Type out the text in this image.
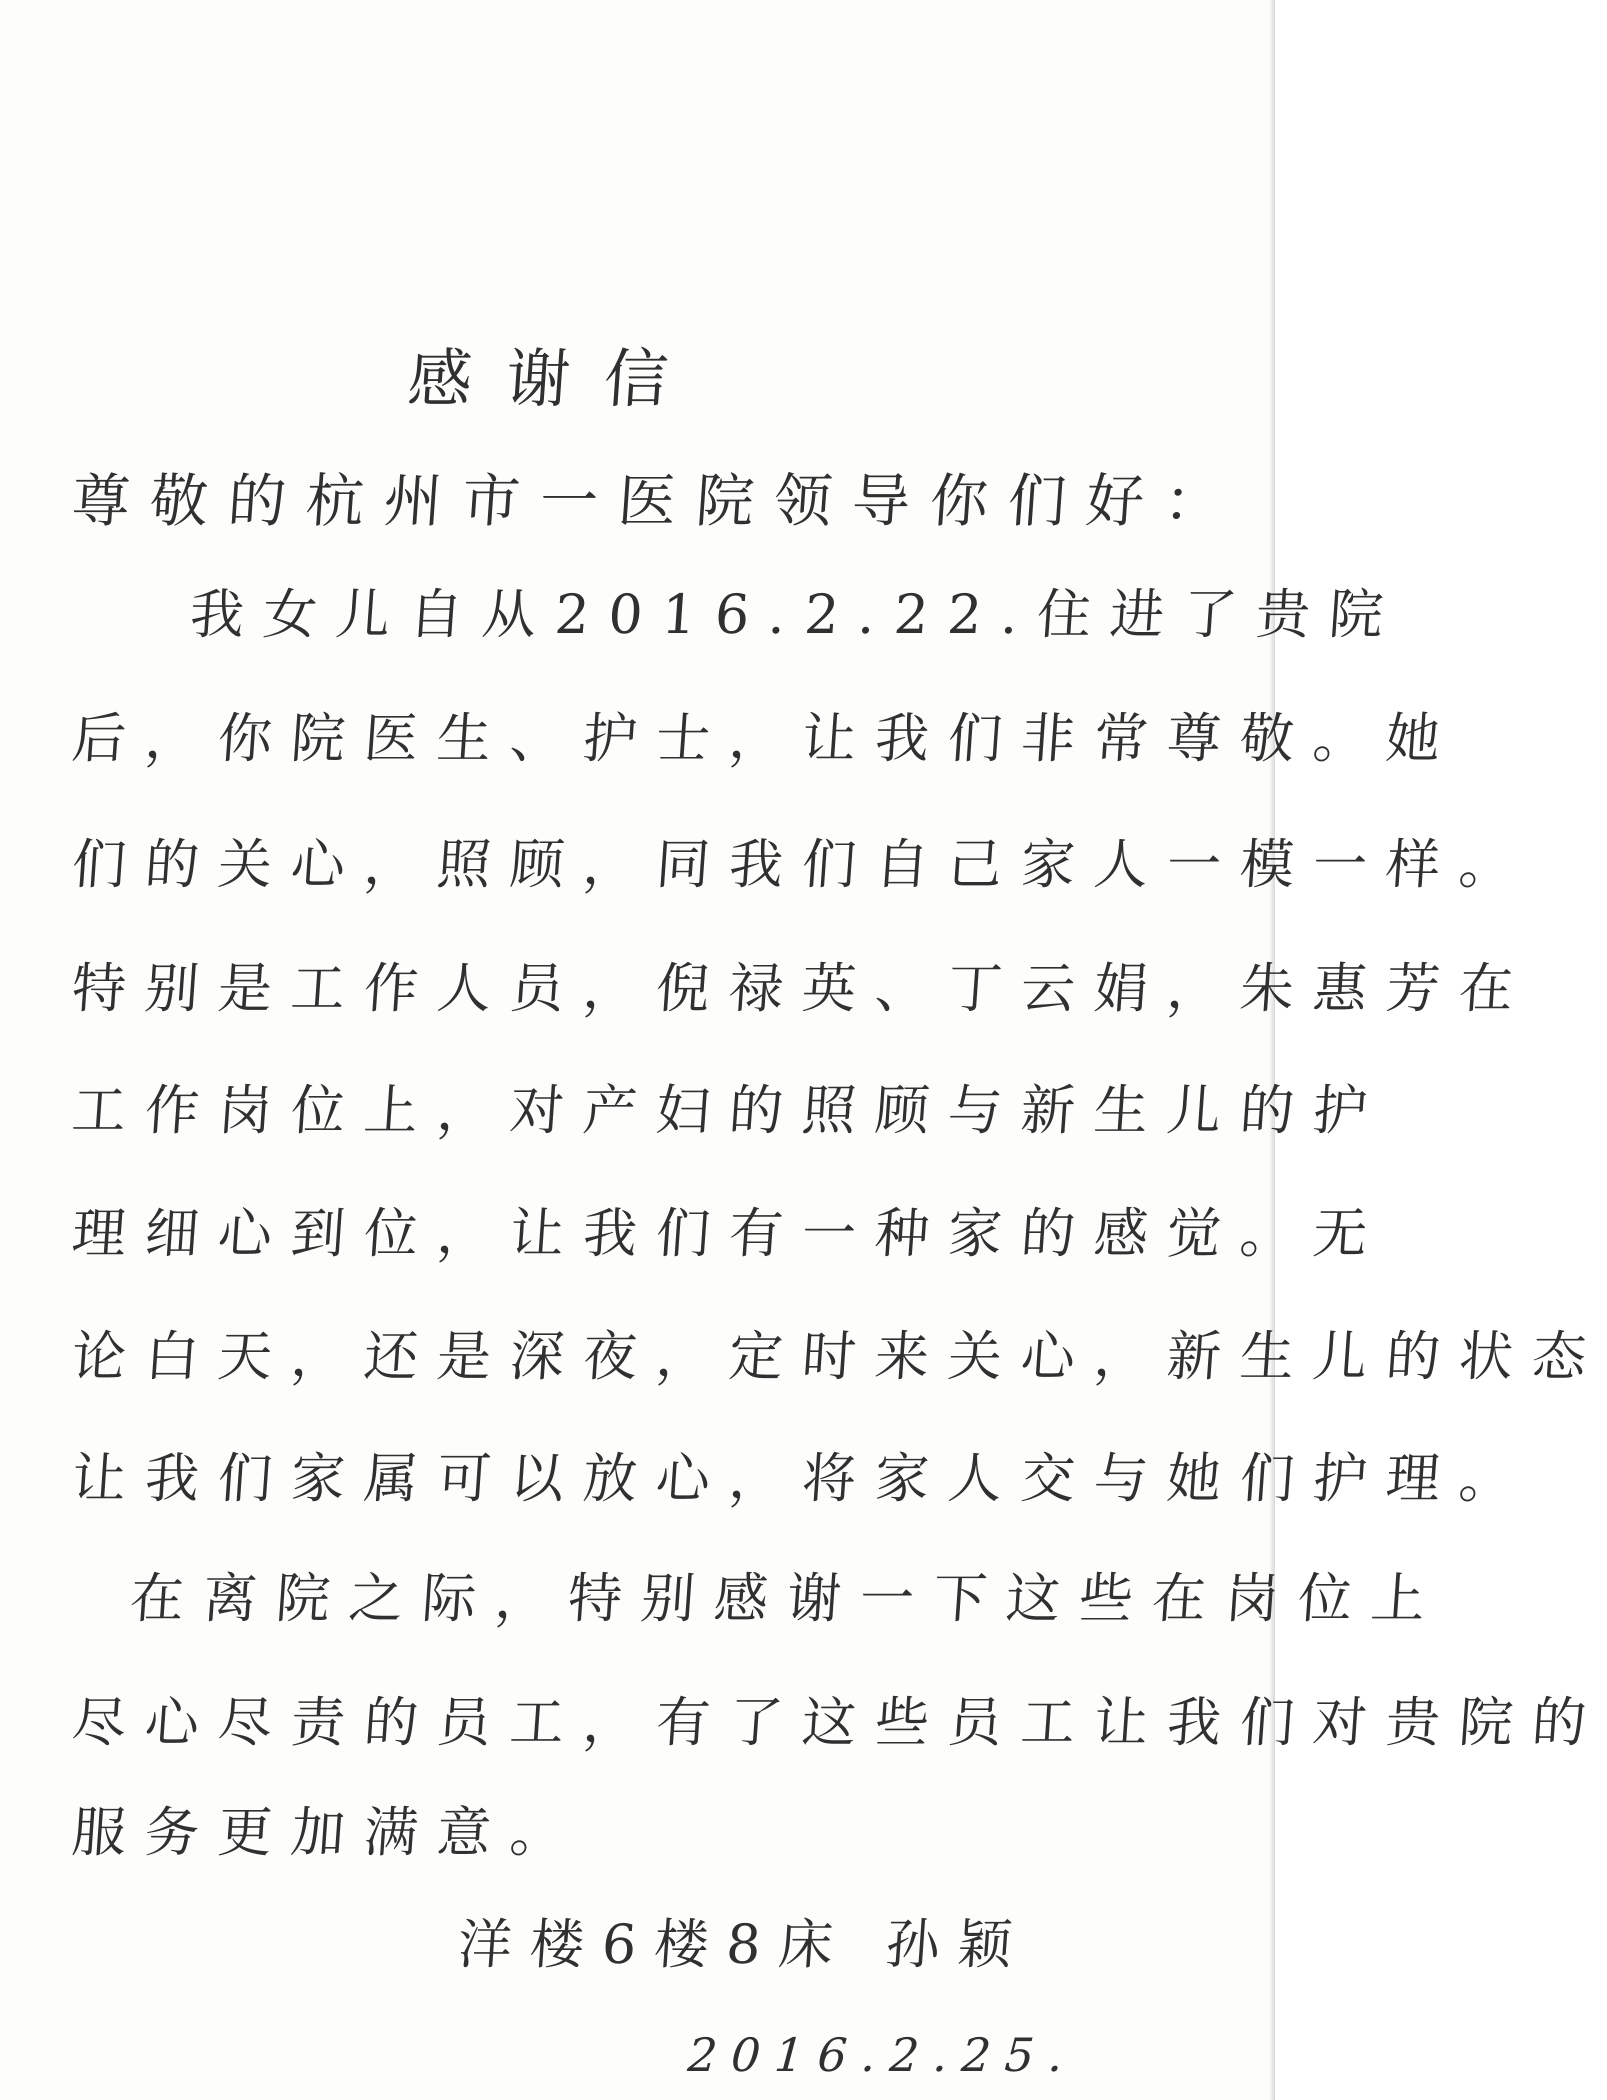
感谢信
尊敬的杭州市一医院领导你们好：
我女儿自从2016.2.22.住进了贵院
后，你院医生、护士，让我们非常尊敬。她
们的关心，照顾，同我们自己家人一模一样。
特别是工作人员，倪禄英、丁云娟，朱惠芳在
工作岗位上，对产妇的照顾与新生儿的护
理细心到位，让我们有一种家的感觉。无
论白天，还是深夜，定时来关心，新生儿的状态
让我们家属可以放心，将家人交与她们护理。
在离院之际，特别感谢一下这些在岗位上
尽心尽责的员工，有了这些员工让我们对贵院的
服务更加满意。
洋楼6楼8床 孙颖
2016.2.25.
